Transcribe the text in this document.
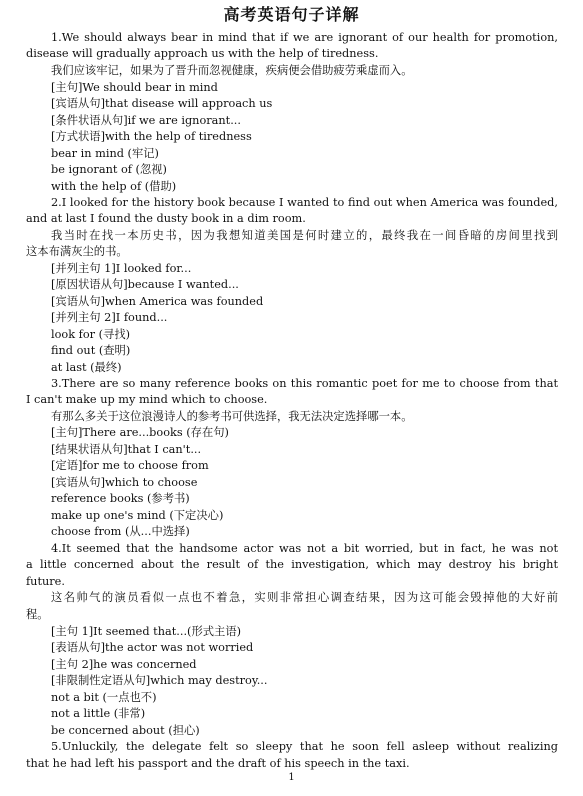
高考英语句子详解
1.We should always bear in mind that if we are ignorant of our health for promotion,
disease will gradually approach us with the help of tiredness.
我们应该牢记，如果为了晋升而忽视健康，疾病便会借助疲劳乘虚而入。
[主句]We should bear in mind
[宾语从句]that disease will approach us
[条件状语从句]if we are ignorant...
[方式状语]with the help of tiredness
bear in mind (牢记)
be ignorant of (忽视)
with the help of (借助)
2.I looked for the history book because I wanted to find out when America was founded,
and at last I found the dusty book in a dim room.
我当时在找一本历史书，因为我想知道美国是何时建立的，最终我在一间昏暗的房间里找到
这本布满灰尘的书。
[并列主句 1]I looked for...
[原因状语从句]because I wanted...
[宾语从句]when America was founded
[并列主句 2]I found...
look for (寻找)
find out (查明)
at last (最终)
3.There are so many reference books on this romantic poet for me to choose from that
I can't make up my mind which to choose.
有那么多关于这位浪漫诗人的参考书可供选择，我无法决定选择哪一本。
[主句]There are...books (存在句)
[结果状语从句]that I can't...
[定语]for me to choose from
[宾语从句]which to choose
reference books (参考书)
make up one's mind (下定决心)
choose from (从...中选择)
4.It seemed that the handsome actor was not a bit worried, but in fact, he was not
a little concerned about the result of the investigation, which may destroy his bright
future.
这名帅气的演员看似一点也不着急，实则非常担心调查结果，因为这可能会毁掉他的大好前
程。
[主句 1]It seemed that...(形式主语)
[表语从句]the actor was not worried
[主句 2]he was concerned
[非限制性定语从句]which may destroy...
not a bit (一点也不)
not a little (非常)
be concerned about (担心)
5.Unluckily, the delegate felt so sleepy that he soon fell asleep without realizing
that he had left his passport and the draft of his speech in the taxi.
1
